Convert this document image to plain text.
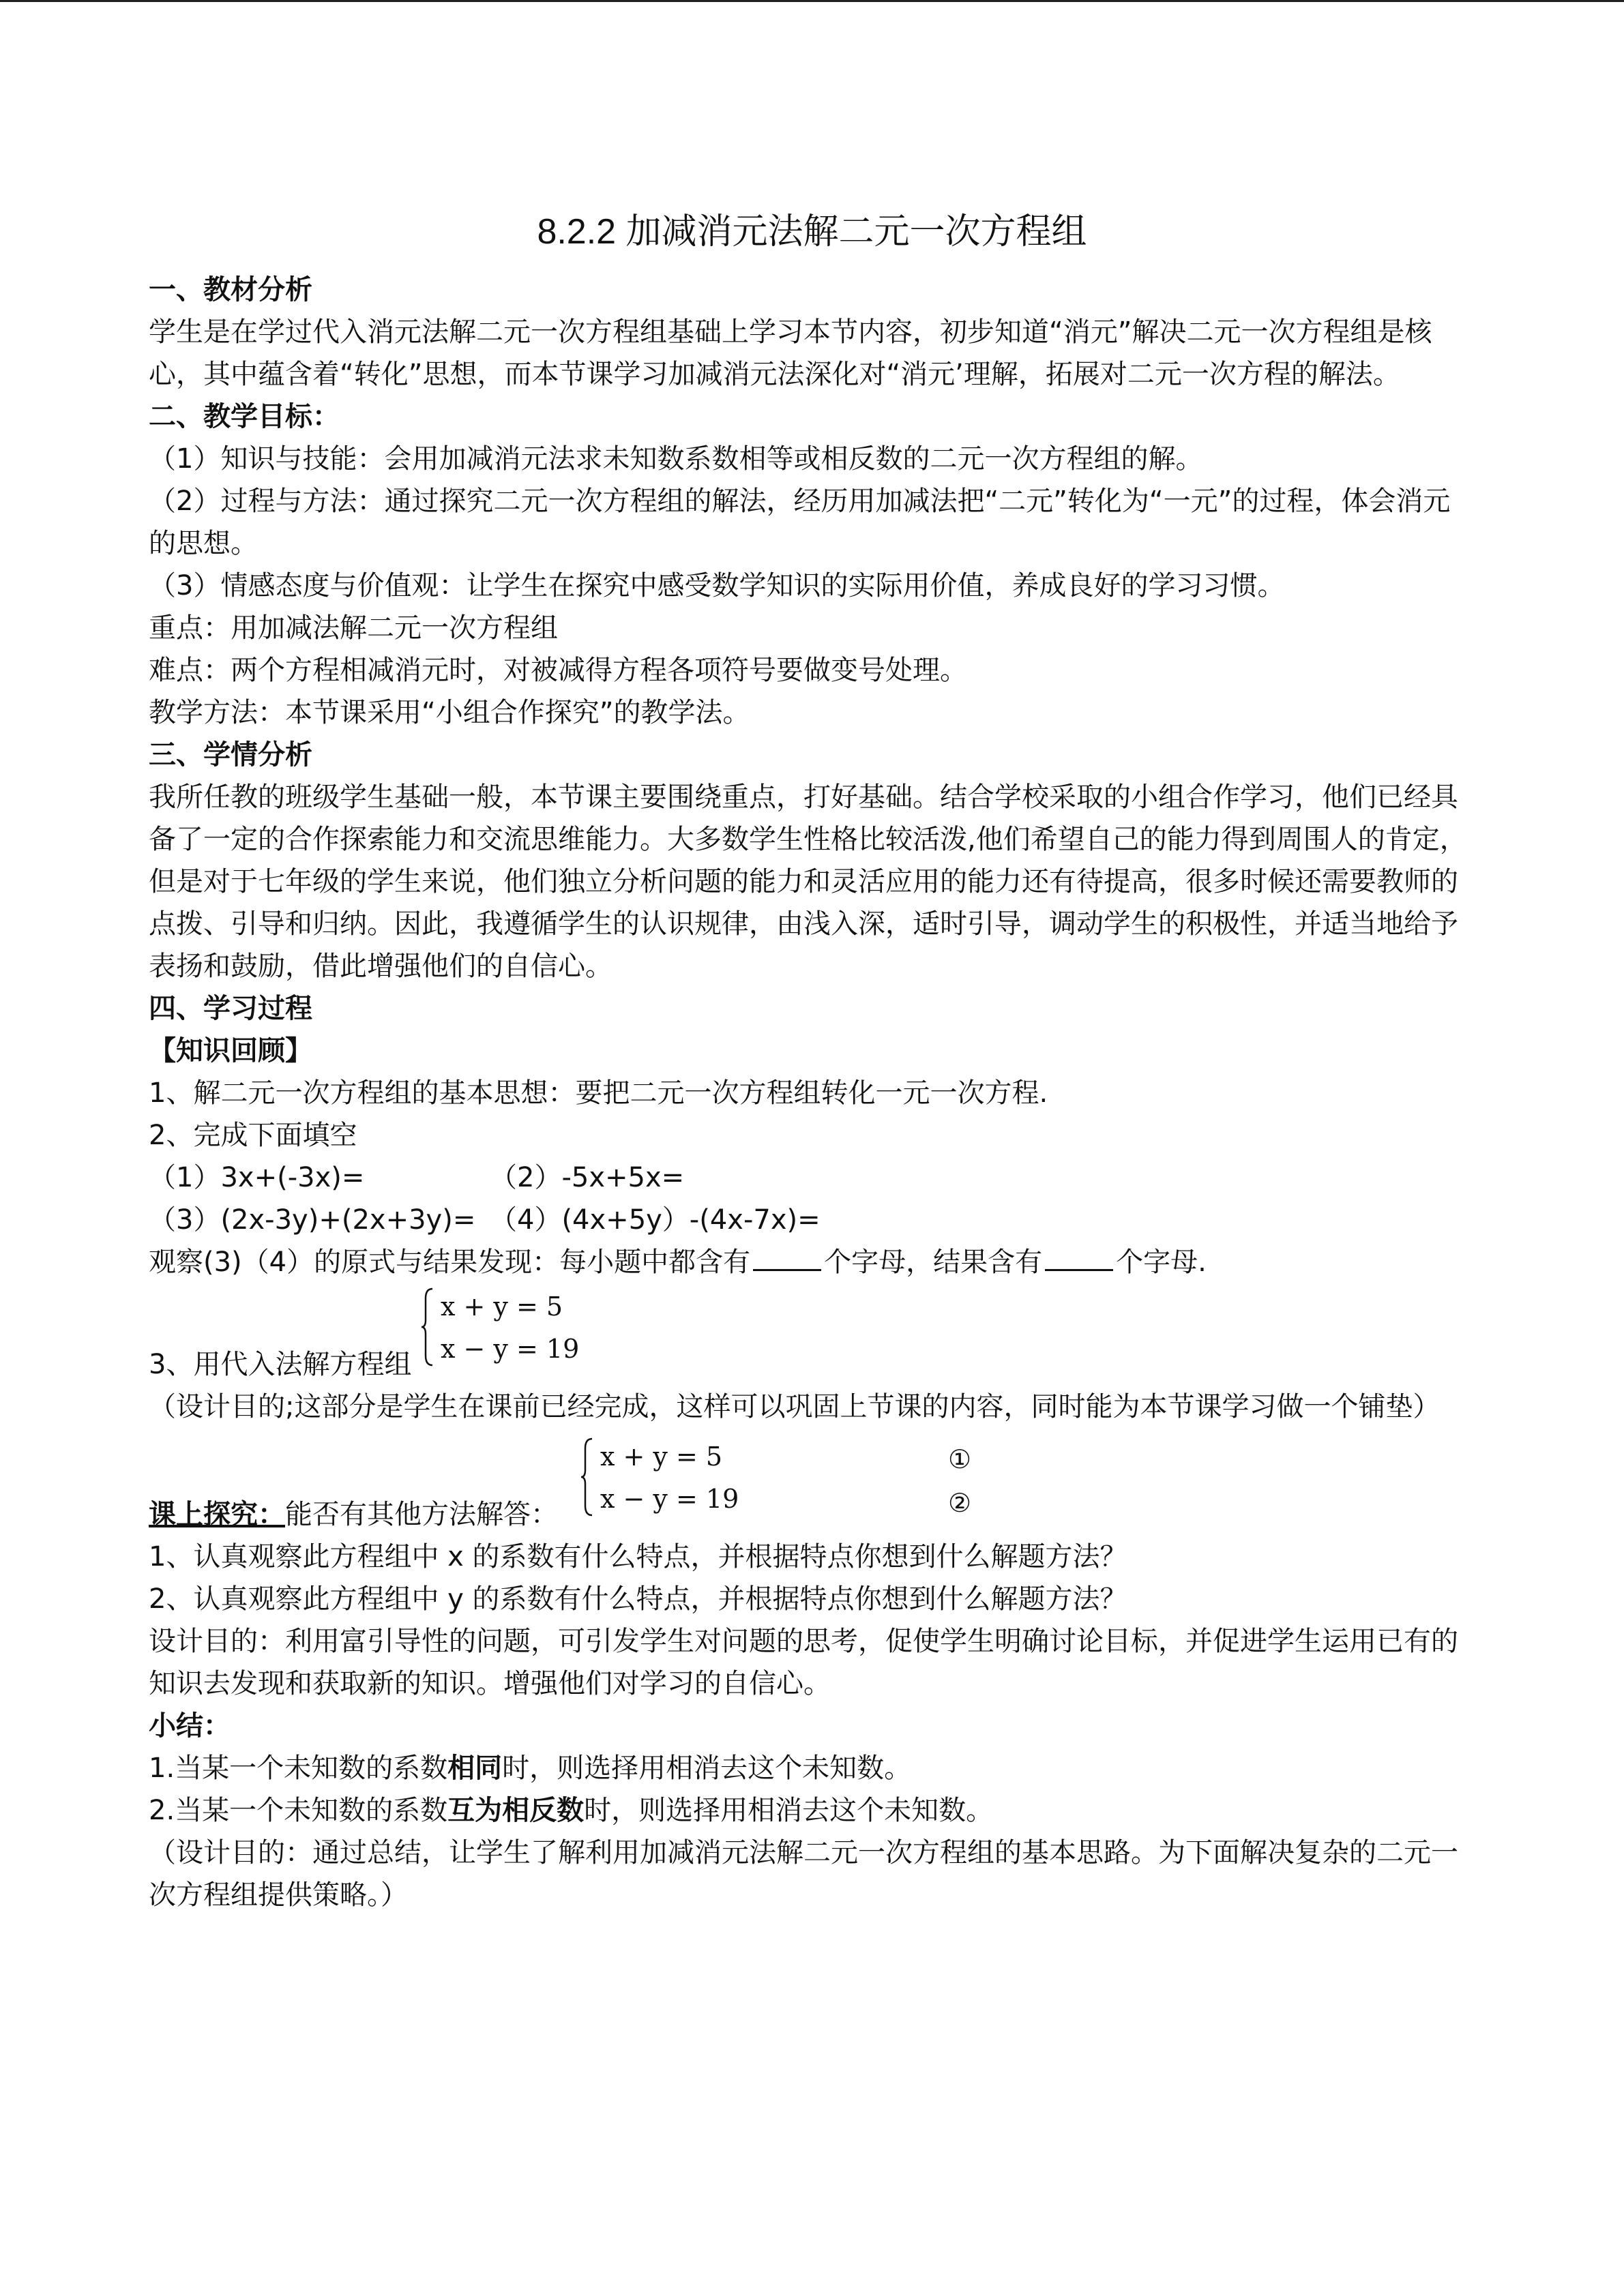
8.2.2 加减消元法解二元一次方程组
一、教材分析
学生是在学过代入消元法解二元一次方程组基础上学习本节内容，初步知道“消元”解决二元一次方程组是核心，其中蕴含着“转化”思想，而本节课学习加减消元法深化对“消元’理解，拓展对二元一次方程的解法。
二、教学目标：
（1）知识与技能：会用加减消元法求未知数系数相等或相反数的二元一次方程组的解。
（2）过程与方法：通过探究二元一次方程组的解法，经历用加减法把“二元”转化为“一元”的过程，体会消元的思想。
（3）情感态度与价值观：让学生在探究中感受数学知识的实际用价值，养成良好的学习习惯。
重点：用加减法解二元一次方程组
难点：两个方程相减消元时，对被减得方程各项符号要做变号处理。
教学方法：本节课采用“小组合作探究”的教学法。
三、学情分析
我所任教的班级学生基础一般，本节课主要围绕重点，打好基础。结合学校采取的小组合作学习，他们已经具备了一定的合作探索能力和交流思维能力。大多数学生性格比较活泼,他们希望自己的能力得到周围人的肯定，但是对于七年级的学生来说，他们独立分析问题的能力和灵活应用的能力还有待提高，很多时候还需要教师的点拨、引导和归纳。因此，我遵循学生的认识规律，由浅入深，适时引导，调动学生的积极性，并适当地给予表扬和鼓励，借此增强他们的自信心。
四、学习过程
【知识回顾】
1、解二元一次方程组的基本思想：要把二元一次方程组转化一元一次方程.
2、完成下面填空
（1）3x+(-3x)=	（2）-5x+5x=
（3）(2x-3y)+(2x+3y)= （4）(4x+5y）-(4x-7x)=
观察(3)（4）的原式与结果发现：每小题中都含有	个字母，结果含有	个字母.
3、用代入法解方程组
x + y = 5
x − y = 19
（设计目的;这部分是学生在课前已经完成，这样可以巩固上节课的内容，同时能为本节课学习做一个铺垫）
课上探究：能否有其他方法解答：
x + y = 5
x − y = 19
①
②
1、认真观察此方程组中 x 的系数有什么特点，并根据特点你想到什么解题方法？
2、认真观察此方程组中 y 的系数有什么特点，并根据特点你想到什么解题方法？
设计目的：利用富引导性的问题，可引发学生对问题的思考，促使学生明确讨论目标，并促进学生运用已有的知识去发现和获取新的知识。增强他们对学习的自信心。
小结：
1.当某一个未知数的系数相同时，则选择用相消去这个未知数。
2.当某一个未知数的系数互为相反数时，则选择用相消去这个未知数。
（设计目的：通过总结，让学生了解利用加减消元法解二元一次方程组的基本思路。为下面解决复杂的二元一次方程组提供策略。）
